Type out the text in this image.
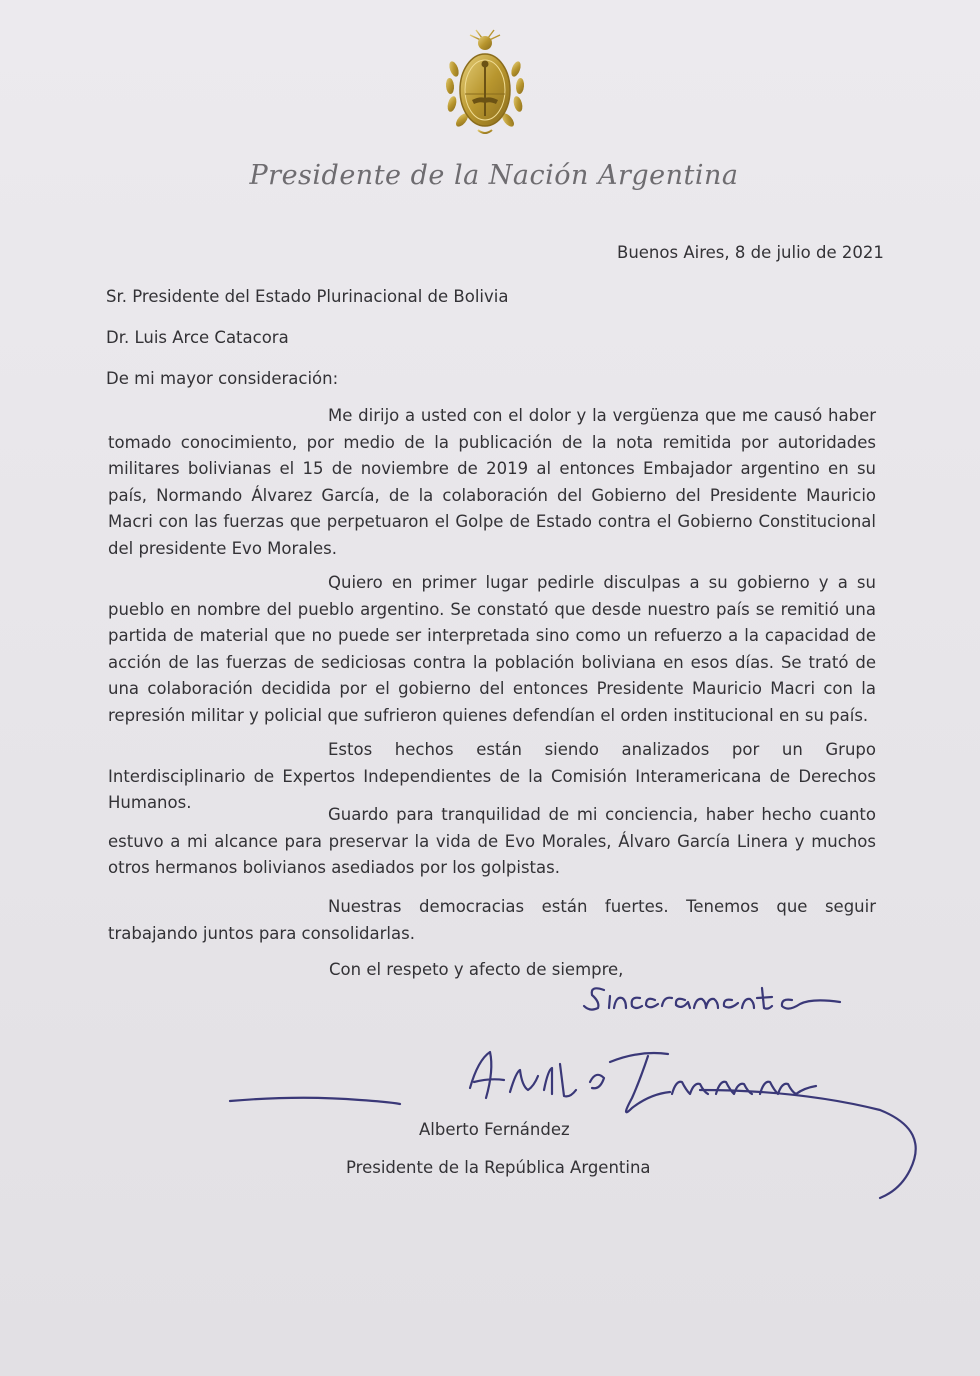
Presidente de la Nación Argentina
Buenos Aires, 8 de julio de 2021
Sr. Presidente del Estado Plurinacional de Bolivia
Dr. Luis Arce Catacora
De mi mayor consideración:

Me dirijo a usted con el dolor y la vergüenza que me causó haber tomado conocimiento, por medio de la publicación de la nota remitida por autoridades militares bolivianas el 15 de noviembre de 2019 al entonces Embajador argentino en su país, Normando Álvarez García, de la colaboración del Gobierno del Presidente Mauricio Macri con las fuerzas que perpetuaron el Golpe de Estado contra el Gobierno Constitucional del presidente Evo Morales.

Quiero en primer lugar pedirle disculpas a su gobierno y a su pueblo en nombre del pueblo argentino. Se constató que desde nuestro país se remitió una partida de material que no puede ser interpretada sino como un refuerzo a la capacidad de acción de las fuerzas de sediciosas contra la población boliviana en esos días. Se trató de una colaboración decidida por el gobierno del entonces Presidente Mauricio Macri con la represión militar y policial que sufrieron quienes defendían el orden institucional en su país.

Estos hechos están siendo analizados por un Grupo Interdisciplinario de Expertos Independientes de la Comisión Interamericana de Derechos Humanos.

Guardo para tranquilidad de mi conciencia, haber hecho cuanto estuvo a mi alcance para preservar la vida de Evo Morales, Álvaro García Linera y muchos otros hermanos bolivianos asediados por los golpistas.

Nuestras democracias están fuertes. Tenemos que seguir trabajando juntos para consolidarlas.

Con el respeto y afecto de siempre,
Alberto Fernández
Presidente de la República Argentina
